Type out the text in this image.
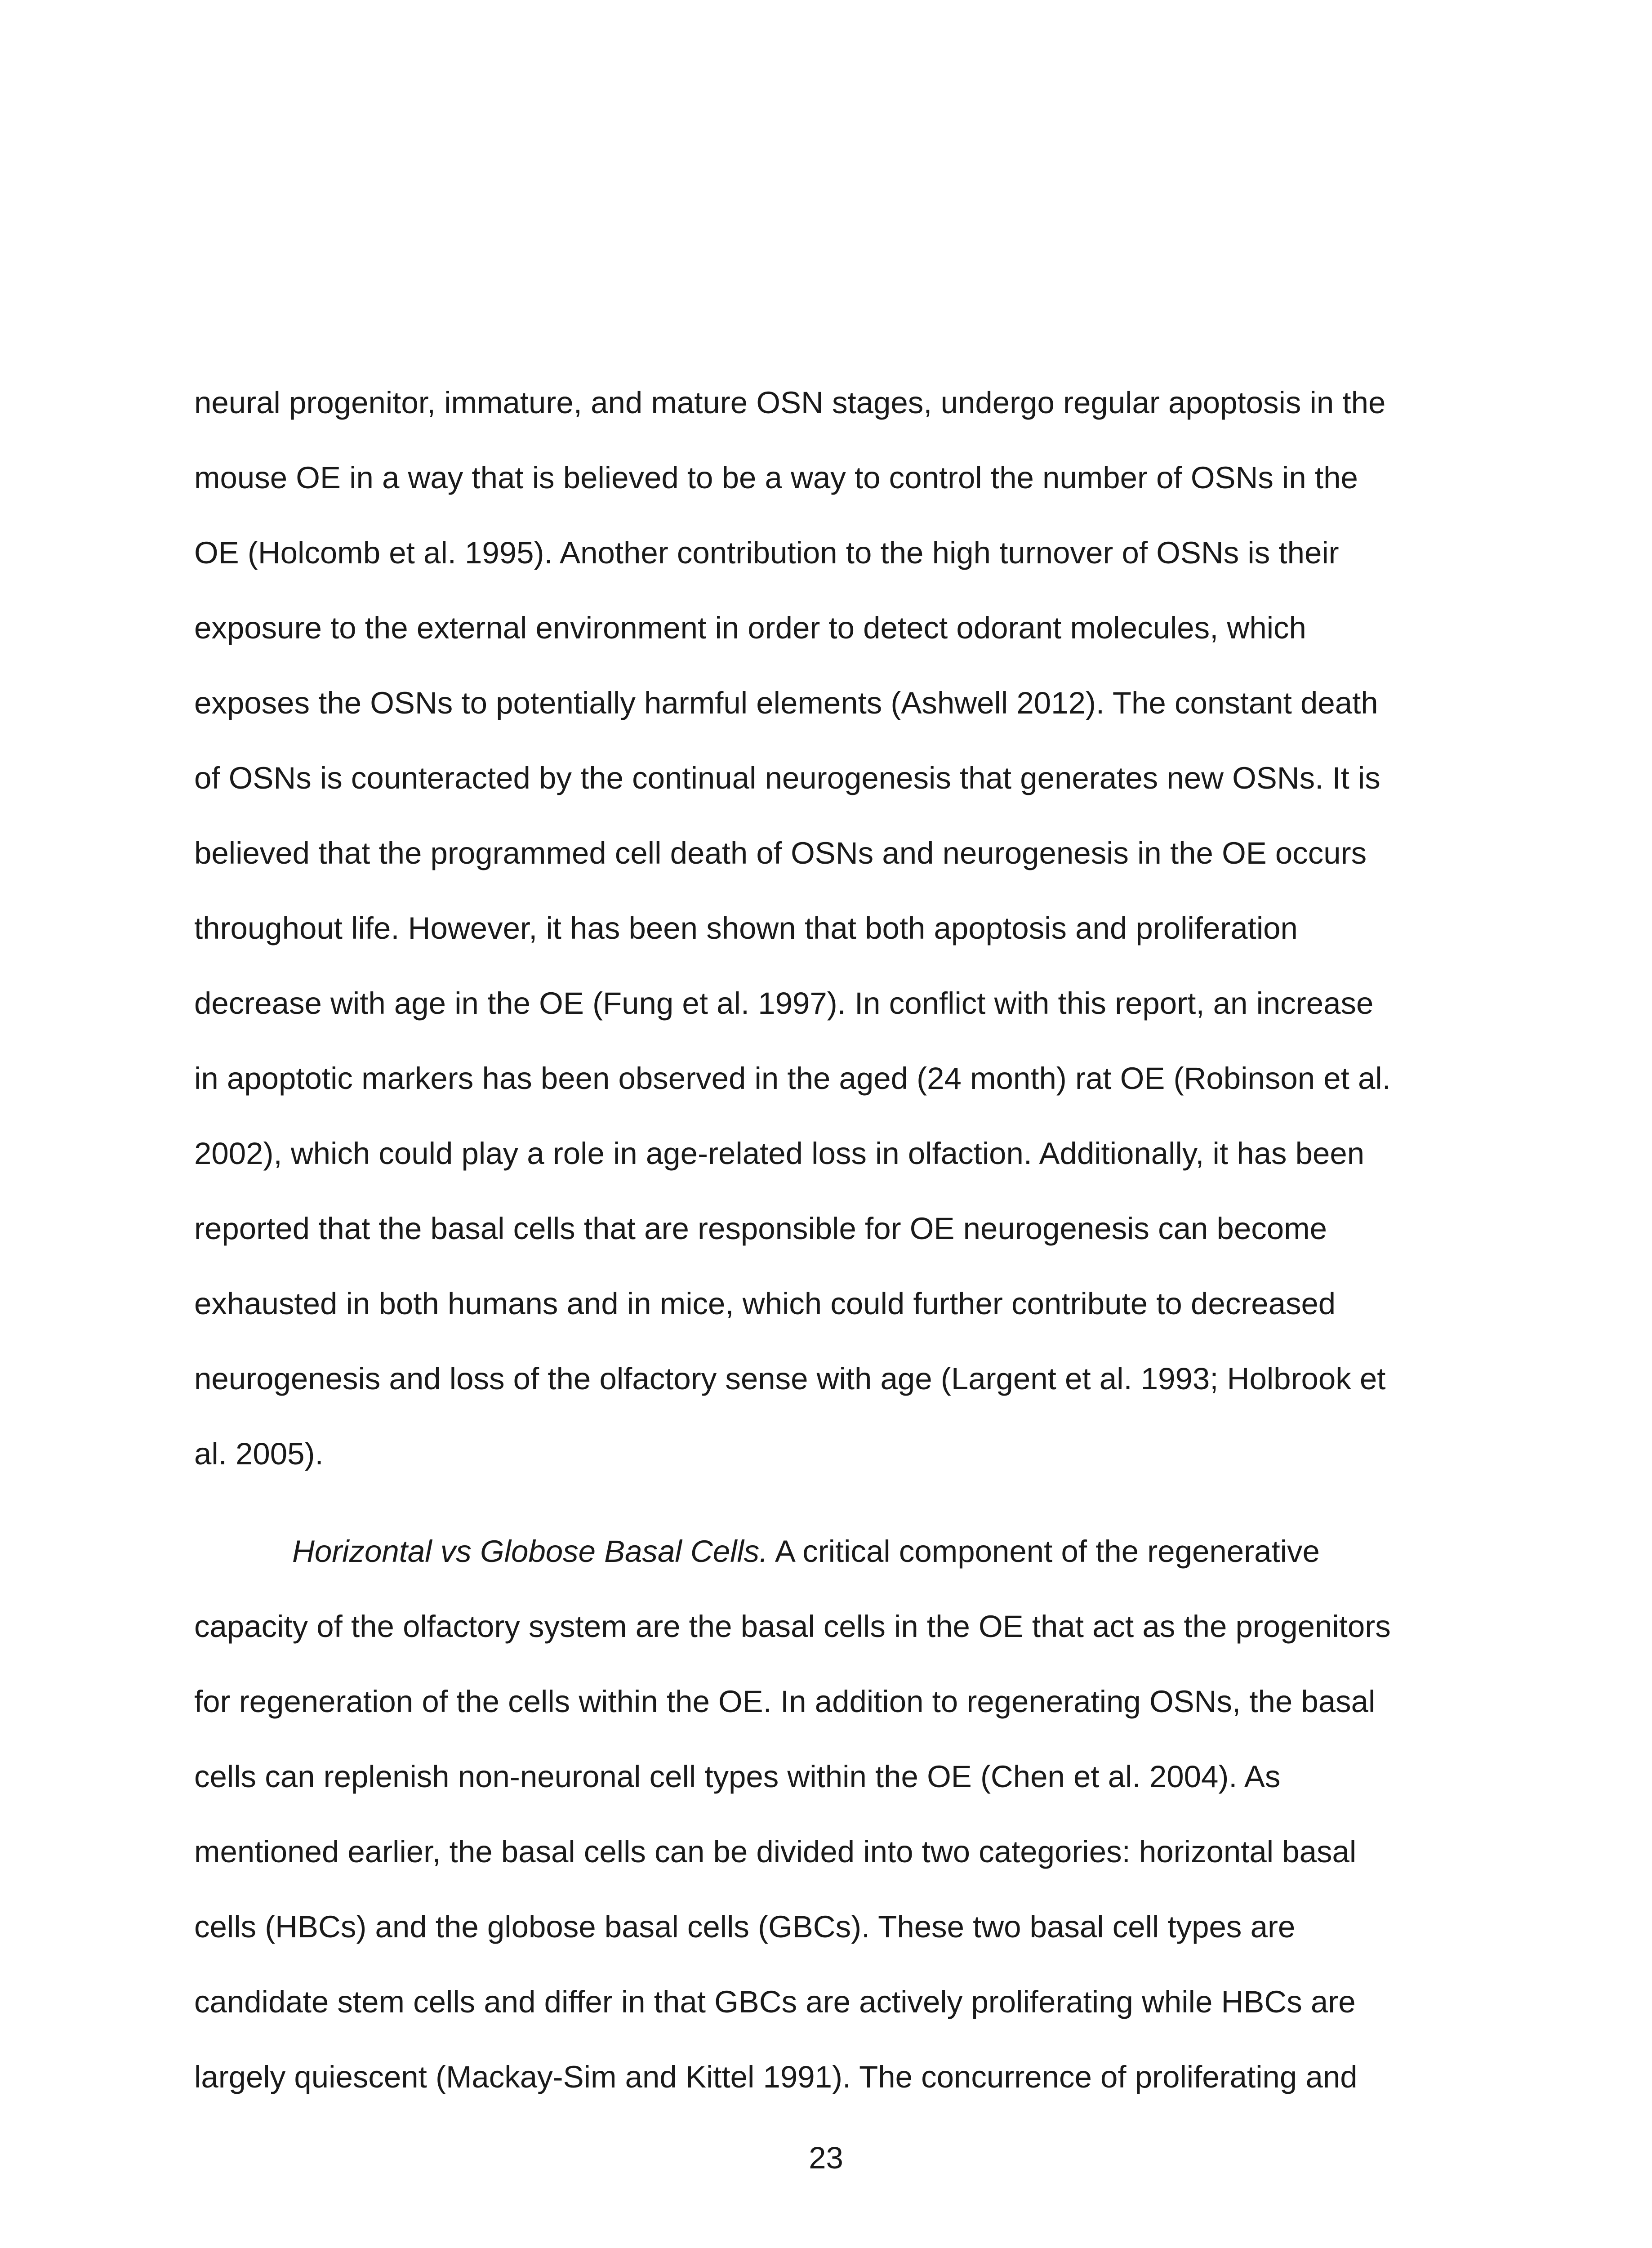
neural progenitor, immature, and mature OSN stages, undergo regular apoptosis in the
mouse OE in a way that is believed to be a way to control the number of OSNs in the
OE (Holcomb et al. 1995). Another contribution to the high turnover of OSNs is their
exposure to the external environment in order to detect odorant molecules, which
exposes the OSNs to potentially harmful elements (Ashwell 2012). The constant death
of OSNs is counteracted by the continual neurogenesis that generates new OSNs. It is
believed that the programmed cell death of OSNs and neurogenesis in the OE occurs
throughout life. However, it has been shown that both apoptosis and proliferation
decrease with age in the OE (Fung et al. 1997). In conflict with this report, an increase
in apoptotic markers has been observed in the aged (24 month) rat OE (Robinson et al.
2002), which could play a role in age-related loss in olfaction. Additionally, it has been
reported that the basal cells that are responsible for OE neurogenesis can become
exhausted in both humans and in mice, which could further contribute to decreased
neurogenesis and loss of the olfactory sense with age (Largent et al. 1993; Holbrook et
al. 2005).
Horizontal vs Globose Basal Cells. A critical component of the regenerative
capacity of the olfactory system are the basal cells in the OE that act as the progenitors
for regeneration of the cells within the OE. In addition to regenerating OSNs, the basal
cells can replenish non-neuronal cell types within the OE (Chen et al. 2004). As
mentioned earlier, the basal cells can be divided into two categories: horizontal basal
cells (HBCs) and the globose basal cells (GBCs). These two basal cell types are
candidate stem cells and differ in that GBCs are actively proliferating while HBCs are
largely quiescent (Mackay-Sim and Kittel 1991). The concurrence of proliferating and
23
